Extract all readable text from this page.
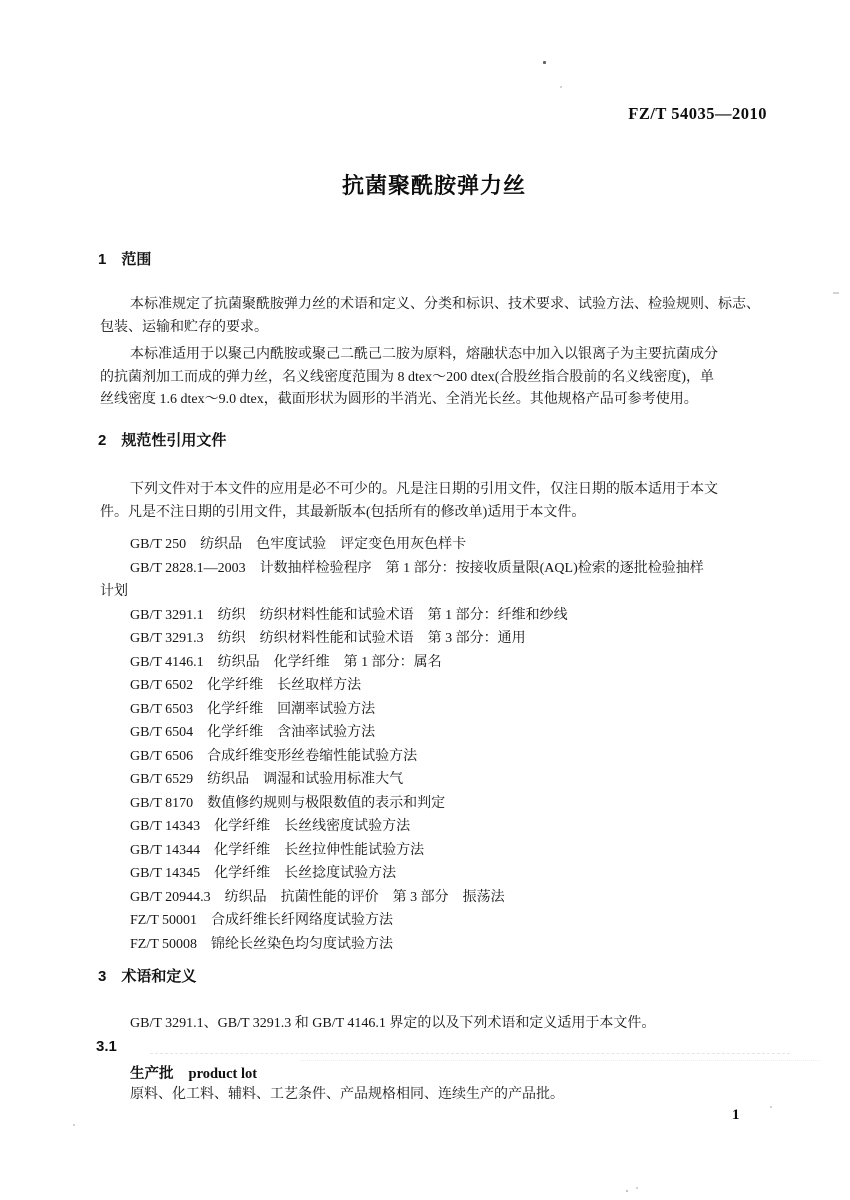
FZ/T 54035—2010
抗菌聚酰胺弹力丝
1　范围
本标准规定了抗菌聚酰胺弹力丝的术语和定义、分类和标识、技术要求、试验方法、检验规则、标志、
包装、运输和贮存的要求。
本标准适用于以聚己内酰胺或聚己二酰己二胺为原料，熔融状态中加入以银离子为主要抗菌成分
的抗菌剂加工而成的弹力丝，名义线密度范围为 8 dtex～200 dtex(合股丝指合股前的名义线密度)，单
丝线密度 1.6 dtex～9.0 dtex，截面形状为圆形的半消光、全消光长丝。其他规格产品可参考使用。
2　规范性引用文件
下列文件对于本文件的应用是必不可少的。凡是注日期的引用文件，仅注日期的版本适用于本文
件。凡是不注日期的引用文件，其最新版本(包括所有的修改单)适用于本文件。
GB/T 250　纺织品　色牢度试验　评定变色用灰色样卡
GB/T 2828.1—2003　计数抽样检验程序　第 1 部分：按接收质量限(AQL)检索的逐批检验抽样
计划
GB/T 3291.1　纺织　纺织材料性能和试验术语　第 1 部分：纤维和纱线
GB/T 3291.3　纺织　纺织材料性能和试验术语　第 3 部分：通用
GB/T 4146.1　纺织品　化学纤维　第 1 部分：属名
GB/T 6502　化学纤维　长丝取样方法
GB/T 6503　化学纤维　回潮率试验方法
GB/T 6504　化学纤维　含油率试验方法
GB/T 6506　合成纤维变形丝卷缩性能试验方法
GB/T 6529　纺织品　调湿和试验用标准大气
GB/T 8170　数值修约规则与极限数值的表示和判定
GB/T 14343　化学纤维　长丝线密度试验方法
GB/T 14344　化学纤维　长丝拉伸性能试验方法
GB/T 14345　化学纤维　长丝捻度试验方法
GB/T 20944.3　纺织品　抗菌性能的评价　第 3 部分　振荡法
FZ/T 50001　合成纤维长纤网络度试验方法
FZ/T 50008　锦纶长丝染色均匀度试验方法
3　术语和定义
GB/T 3291.1、GB/T 3291.3 和 GB/T 4146.1 界定的以及下列术语和定义适用于本文件。
3.1
生产批 product lot
原料、化工料、辅料、工艺条件、产品规格相同、连续生产的产品批。
1
